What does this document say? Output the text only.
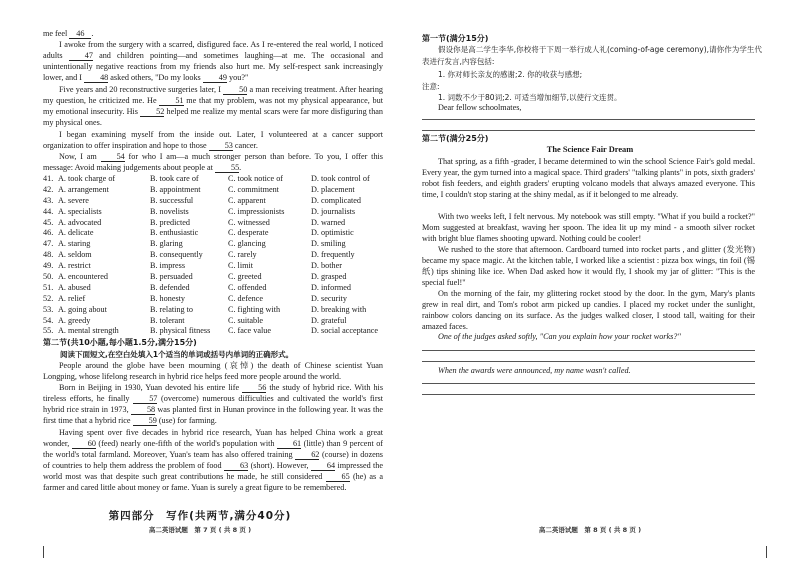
me feel 46 .
I awoke from the surgery with a scarred, disfigured face. As I re-entered the real world, I noticed adults	47 and children pointing—and sometimes laughing—at me. The occasional and unintentionally negative reactions from my friends also hurt me. My self-respect sank increasingly lower, and I 48 asked others, "Do my looks 49 you?"
Five years and 20 reconstructive surgeries later, I 50 a man receiving treatment. After hearing my question, he criticized me. He 51 me that my problem, was not my physical appearance, but my emotional insecurity. His 52 helped me realize my mental scars were far more disfiguring than my physical ones.
I began examining myself from the inside out. Later, I volunteered at a cancer support organization to offer inspiration and hope to those 53 cancer.
Now, I am 54 for who I am—a much stronger person than before. To you, I offer this message: Avoid making judgements about people at 55.
41. A. took charge of	B. took care of	C. took notice of	D. took control of
42. A. arrangement	B. appointment	C. commitment	D. placement
43. A. severe	B. successful	C. apparent	D. complicated
44. A. specialists	B. novelists	C. impressionists	D. journalists
45. A. advocated	B. predicted	C. witnessed	D. warned
46. A. delicate	B. enthusiastic	C. desperate	D. optimistic
47. A. staring	B. glaring	C. glancing	D. smiling
48. A. seldom	B. consequently	C. rarely	D. frequently
49. A. restrict	B. impress	C. limit	D. bother
50. A. encountered	B. persuaded	C. greeted	D. grasped
51. A. abused	B. defended	C. offended	D. informed
52. A. relief	B. honesty	C. defence	D. security
53. A. going about	B. relating to	C. fighting with	D. breaking with
54. A. greedy	B. tolerant	C. suitable	D. grateful
55. A. mental strength	B. physical fitness C. face value	D. social acceptance
第二节(共10小题,每小题1.5分,满分15分)
阅读下面短文,在空白处填入1个适当的单词或括号内单词的正确形式。
People around the globe have been mourning (哀悼) the death of Chinese scientist Yuan Longping, whose lifelong research in hybrid rice helps feed more people around the world.
Born in Beijing in 1930, Yuan devoted his entire life 56 the study of hybrid rice. With his tireless efforts, he finally 57 (overcome) numerous difficulties and cultivated the world's first hybrid rice strain in 1973, 58 was planted first in Hunan province in the following year. It was the first time that a hybrid rice 59 (use) for farming.
Having spent over five decades in hybrid rice research, Yuan has helped China work a great wonder, 60 (feed) nearly one-fifth of the world's population with 61 (little) than 9 percent of the world's total farmland. Moreover, Yuan's team has also offered training 62 (course) in dozens of countries to help them address the problem of food 63 (short). However, 64 impressed the world most was that despite such great contributions he made, he still considered 65 (he) as a farmer and cared little about money or fame. Yuan is surely a great figure to be remembered.
第四部分　写作(共两节,满分40分)
高二英语试题　第 7 页 ( 共 8 页 )
第一节(满分15分)
假设你是高二学生李华,你校将于下周一举行成人礼(coming-of-age ceremony),请你作为学生代表进行发言,内容包括:
1. 你对师长亲友的感谢;2. 你的收获与感想;
注意:
1. 词数不少于80词;2. 可适当增加细节,以使行文连贯。
Dear fellow schoolmates,
第二节(满分25分)
The Science Fair Dream
That spring, as a fifth -grader, I became determined to win the school Science Fair's gold medal. Every year, the gym turned into a magical space. Third graders' "talking plants" in pots, sixth graders' robot fish feeders, and eighth graders' erupting volcano models that always amazed everyone. This time, I couldn't stop staring at the shiny medal, as if it belonged to me already.
With two weeks left, I felt nervous. My notebook was still empty. "What if you build a rocket?" Mom suggested at breakfast, waving her spoon. The idea lit up my mind - a smooth silver rocket with bright blue flames shooting upward. Nothing could be cooler!
We rushed to the store that afternoon. Cardboard turned into rocket parts , and glitter (发光物) became my space magic. At the kitchen table, I worked like a scientist : pizza box wings, tin foil (锡纸) tips shining like ice. When Dad asked how it would fly, I shook my jar of glitter: "This is the special fuel!"
On the morning of the fair, my glittering rocket stood by the door. In the gym, Mary's plants grew in real dirt, and Tom's robot arm picked up candies. I placed my rocket under the sunlight, rainbow colors dancing on its surface. As the judges walked closer, I stood tall, waiting for their amazed faces.
One of the judges asked softly, "Can you explain how your rocket works?"
When the awards were announced, my name wasn't called.
高二英语试题　第 8 页 ( 共 8 页 )
